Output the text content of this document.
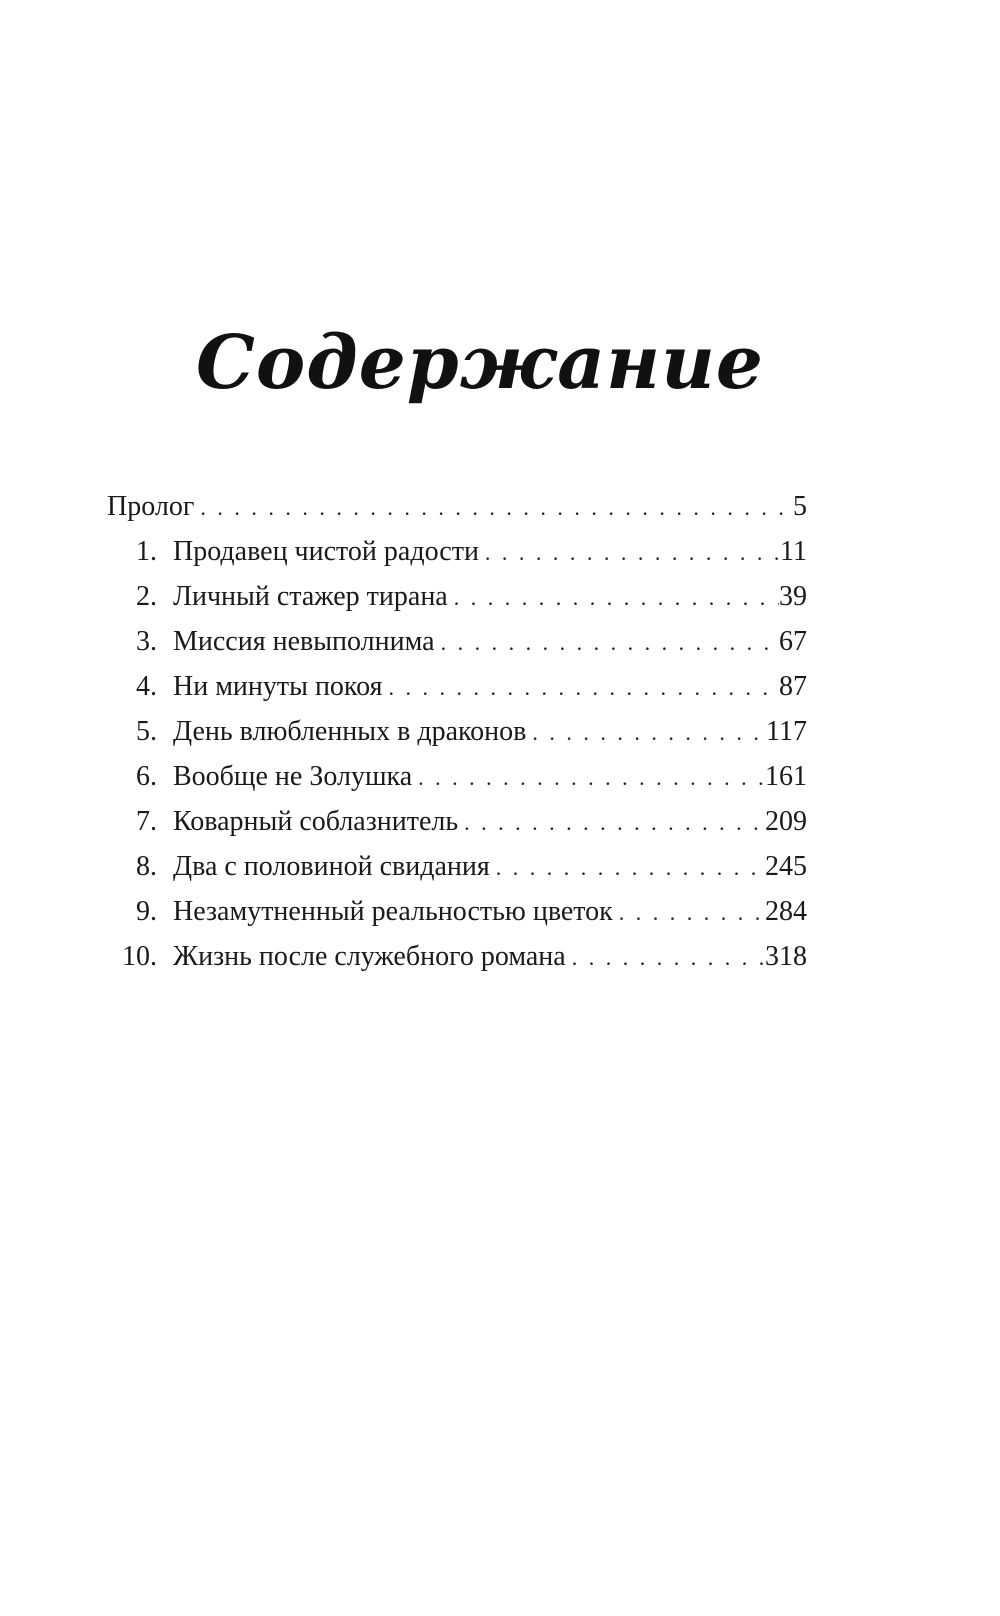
Содержание
Пролог . . .	5
1. Продавец чистой радости . . .	11
2. Личный стажер тирана . . .	39
3. Миссия невыполнима . . .	67
4. Ни минуты покоя . . .	87
5. День влюбленных в драконов . . .	117
6. Вообще не Золушка . . .	161
7. Коварный соблазнитель . . .	209
8. Два с половиной свидания . . .	245
9. Незамутненный реальностью цветок . . .	284
10. Жизнь после служебного романа . . .	318
